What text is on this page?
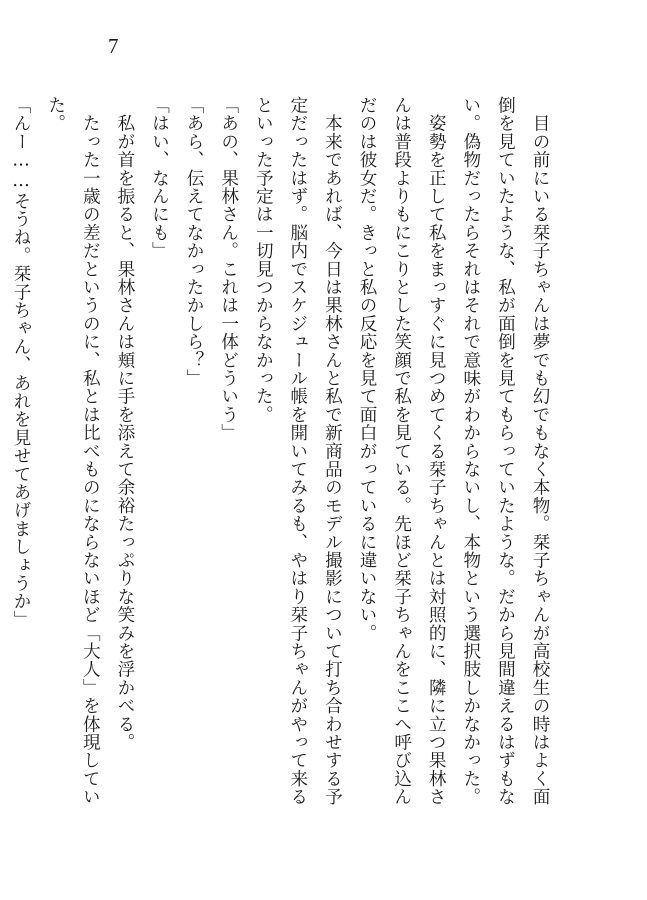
7

　目の前にいる栞子ちゃんは夢でも幻でもなく本物。栞子ちゃんが高校生の時はよく面

倒を見ていたような、私が面倒を見てもらっていたような。だから見間違えるはずもな

い。偽物だったらそれはそれで意味がわからないし、本物という選択肢しかなかった。

　姿勢を正して私をまっすぐに見つめてくる栞子ちゃんとは対照的に、隣に立つ果林さ

んは普段よりもにこりとした笑顔で私を見ている。先ほど栞子ちゃんをここへ呼び込ん

だのは彼女だ。きっと私の反応を見て面白がっているに違いない。

　本来であれば、今日は果林さんと私で新商品のモデル撮影について打ち合わせする予

定だったはず。脳内でスケジュール帳を開いてみるも、やはり栞子ちゃんがやって来る

といった予定は一切見つからなかった。

「あの、果林さん。これは一体どういう」

「あら、伝えてなかったかしら？」

「はい、なんにも」

　私が首を振ると、果林さんは頬に手を添えて余裕たっぷりな笑みを浮かべる。

　たった一歳の差だというのに、私とは比べものにならないほど「大人」を体現してい

た。

「んー……そうね。栞子ちゃん、あれを見せてあげましょうか」
